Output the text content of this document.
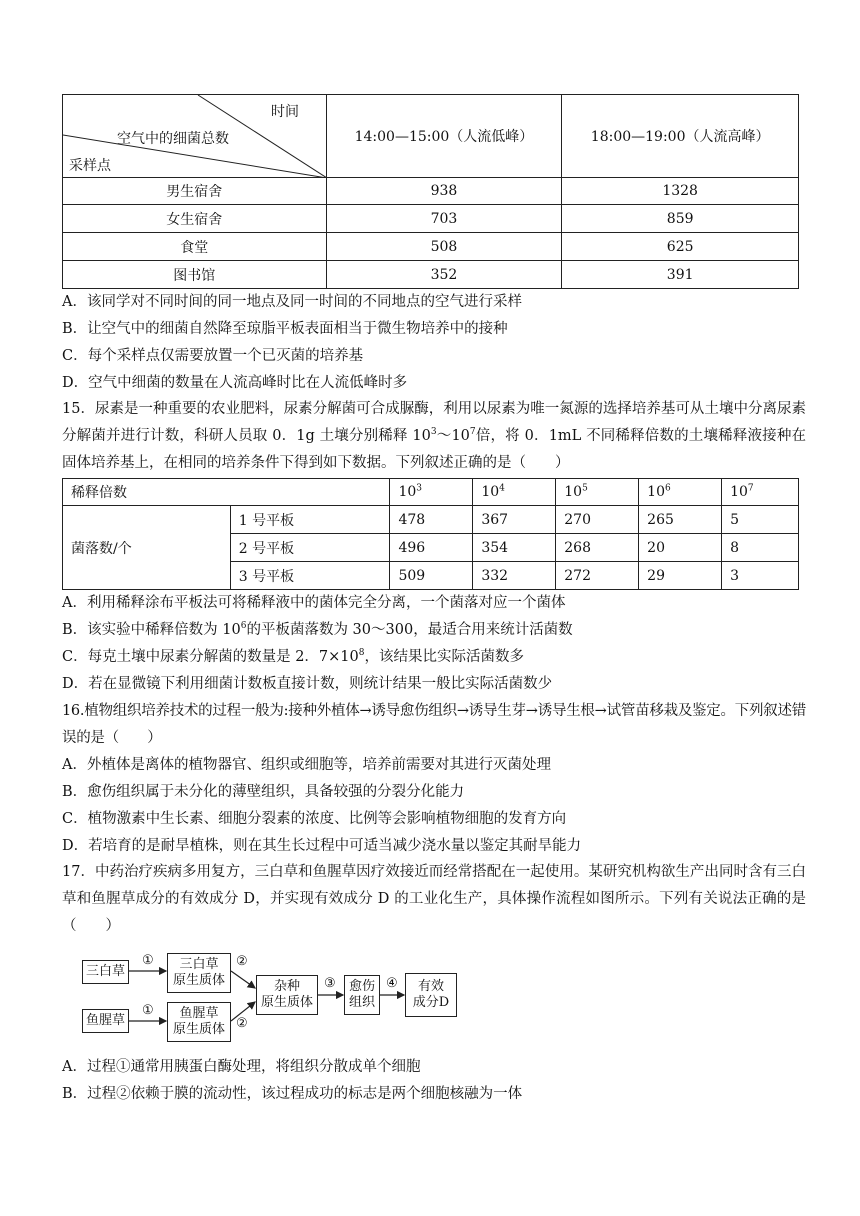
时间
空气中的细菌总数
采样点	14:00—15:00（人流低峰）	18:00—19:00（人流高峰）
男生宿舍	938	1328
女生宿舍	703	859
食堂	508	625
图书馆	352	391
A．该同学对不同时间的同一地点及同一时间的不同地点的空气进行采样
B．让空气中的细菌自然降至琼脂平板表面相当于微生物培养中的接种
C．每个采样点仅需要放置一个已灭菌的培养基
D．空气中细菌的数量在人流高峰时比在人流低峰时多
15．尿素是一种重要的农业肥料，尿素分解菌可合成脲酶，利用以尿素为唯一氮源的选择培养基可从土壤中分离尿素分解菌并进行计数，科研人员取 0．1g 土壤分别稀释 $10^3\sim 10^7$倍，将 0．1mL 不同稀释倍数的土壤稀释液接种在固体培养基上，在相同的培养条件下得到如下数据。下列叙述正确的是（　　）
稀释倍数		$10^3$	$10^4$	$10^5$	$10^6$	$10^7$
菌落数/个	1 号平板	478	367	270	265	5
	2 号平板	496	354	268	20	8
	3 号平板	509	332	272	29	3
A．利用稀释涂布平板法可将稀释液中的菌体完全分离，一个菌落对应一个菌体
B．该实验中稀释倍数为 $10^6$的平板菌落数为 30～300，最适合用来统计活菌数
C．每克土壤中尿素分解菌的数量是 2．$7\times 10^8$，该结果比实际活菌数多
D．若在显微镜下利用细菌计数板直接计数，则统计结果一般比实际活菌数少
16.植物组织培养技术的过程一般为:接种外植体→诱导愈伤组织→诱导生芽→诱导生根→试管苗移栽及鉴定。下列叙述错误的是（　　）
A．外植体是离体的植物器官、组织或细胞等，培养前需要对其进行灭菌处理
B．愈伤组织属于未分化的薄壁组织，具备较强的分裂分化能力
C．植物激素中生长素、细胞分裂素的浓度、比例等会影响植物细胞的发育方向
D．若培育的是耐旱植株，则在其生长过程中可适当减少浇水量以鉴定其耐旱能力
17．中药治疗疾病多用复方，三白草和鱼腥草因疗效接近而经常搭配在一起使用。某研究机构欲生产出同时含有三白草和鱼腥草成分的有效成分 D，并实现有效成分 D 的工业化生产，具体操作流程如图所示。下列有关说法正确的是（　　）
三白草
鱼腥草
①
①
三白草
原生质体
鱼腥草
原生质体
②
②
杂种
原生质体
③ 愈伤
组织
④ 有效
成分D
A．过程①通常用胰蛋白酶处理，将组织分散成单个细胞
B．过程②依赖于膜的流动性，该过程成功的标志是两个细胞核融为一体
